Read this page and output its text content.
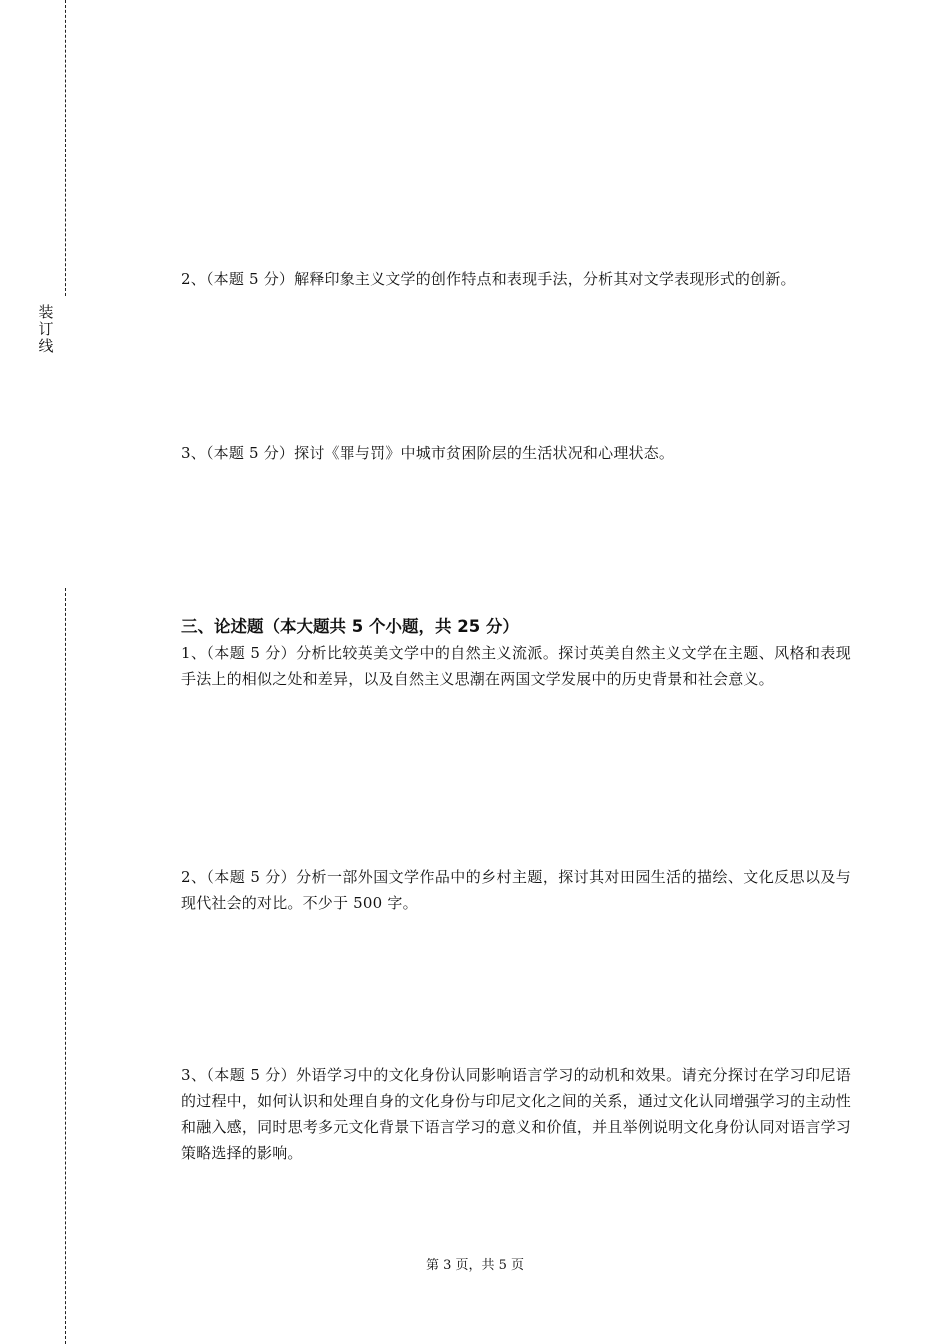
装
订
线

2、（本题 5 分）解释印象主义文学的创作特点和表现手法，分析其对文学表现形式的创新。

3、（本题 5 分）探讨《罪与罚》中城市贫困阶层的生活状况和心理状态。

三、论述题（本大题共 5 个小题，共 25 分）

1、（本题 5 分）分析比较英美文学中的自然主义流派。探讨英美自然主义文学在主题、风格和表现手法上的相似之处和差异，以及自然主义思潮在两国文学发展中的历史背景和社会意义。

2、（本题 5 分）分析一部外国文学作品中的乡村主题，探讨其对田园生活的描绘、文化反思以及与现代社会的对比。不少于 500 字。

3、（本题 5 分）外语学习中的文化身份认同影响语言学习的动机和效果。请充分探讨在学习印尼语的过程中，如何认识和处理自身的文化身份与印尼文化之间的关系，通过文化认同增强学习的主动性和融入感，同时思考多元文化背景下语言学习的意义和价值，并且举例说明文化身份认同对语言学习策略选择的影响。

第 3 页，共 5 页
